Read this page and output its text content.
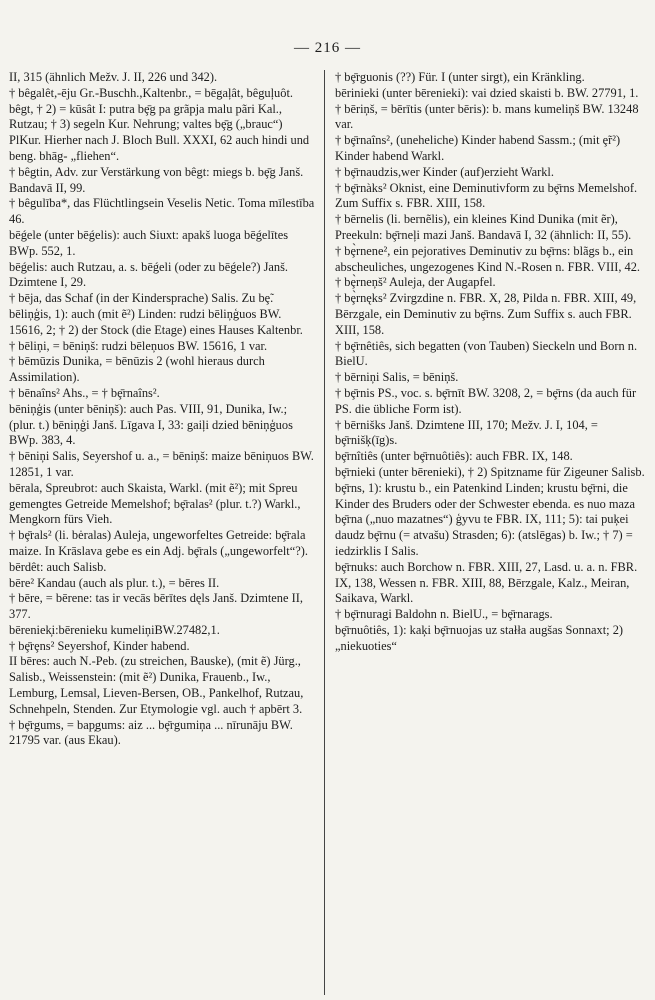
— 216 —

II, 315 (ähnlich Mežv. J. II, 226 und 342).

† bêgalêt,-ēju Gr.-Buschh.,Kaltenbr., = bēgaļât, bêguļuôt.

bêgt, † 2) = kūsât I: putra bȩ̄g pa grãpja malu pãri Kal., Rutzau; † 3) segeln Kur. Nehrung; valtes bȩ̄g („brauc“) PlKur. Hierher nach J. Bloch Bull. XXXI, 62 auch hindi und beng. bhāg- „fliehen“.

† bêgtin, Adv. zur Verstärkung von bêgt: miegs b. bȩ̄g Janš. Bandavā II, 99.

† bêgulība*, das Flüchtlingsein Veselis Netic. Toma mīlestība 46.

bēǵele (unter bēǵelis): auch Siuxt: apakš luoga bēǵelītes BWp. 552, 1.

bēǵelis: auch Rutzau, a. s. bēǵeli (oder zu bēǵele?) Janš. Dzimtene I, 29.

† bēja, das Schaf (in der Kindersprache) Salis. Zu bȩ̃.

bēliņģis, 1): auch (mit ẽ²) Linden: rudzi bēliņģuos BW. 15616, 2; † 2) der Stock (die Etage) eines Hauses Kaltenbr.

† bēliņi, = bēniņš: rudzi bēleņuos BW. 15616, 1 var.

† bēmūzis Dunika, = bēnūzis 2 (wohl hieraus durch Assimilation).

† bēnaîns² Ahs., = † bȩ̄rnaîns².

bēniņģis (unter bēniņš): auch Pas. VIII, 91, Dunika, Iw.; (plur. t.) bēniņģi Janš. Līgava I, 33: gaiļi dzied bēniņģuos BWp. 383, 4.

† bēniņi Salis, Seyershof u. a., = bēniņš: maize bēniņuos BW. 12851, 1 var.

bērala, Spreubrot: auch Skaista, Warkl. (mit ẽ²); mit Spreu gemengtes Getreide Memelshof; bȩ̄ralas² (plur. t.?) Warkl., Mengkorn fürs Vieh.

† bȩ̄rals² (li. bėralas) Auleja, ungeworfeltes Getreide: bȩ̄rala maize. In Krāslava gebe es ein Adj. bȩ̄rals („ungeworfelt“?).

bērdêt: auch Salisb.

bēre² Kandau (auch als plur. t.), = bēres II.

† bēre, = bērene: tas ir vecās bērītes dęls Janš. Dzimtene II, 377.

bēreniek̦i:bērenieku kumeliņiBW.27482,1.

† bȩ̄rȩns² Seyershof, Kinder habend.

II bēres: auch N.-Peb. (zu streichen, Bauske), (mit ẽ) Jürg., Salisb., Weissenstein: (mit ẽ²) Dunika, Frauenb., Iw., Lemburg, Lemsal, Lieven-Bersen, OB., Pankelhof, Rutzau, Schnehpeln, Stenden. Zur Etymologie vgl. auch † apbērt 3.

† bȩ̄rgums, = bap̦gums: aiz ... bȩ̄rgumiņa ... nīrunāju BW. 21795 var. (aus Ekau).

† bȩ̄rguonis (??) Für. I (unter sirgt), ein Kränkling.

bērinieki (unter bērenieki): vai dzied skaisti b. BW. 27791, 1.

† bēriņš, = bērītis (unter bēris): b. mans kumeliņš BW. 13248 var.

† bȩ̄rnaîns², (uneheliche) Kinder habend Sassm.; (mit ȩ̃r²) Kinder habend Warkl.

† bȩ̄rnaudzis,wer Kinder (auf)erzieht Warkl.

† bȩ̄rnàks² Oknist, eine Deminutivform zu bȩ̄rns Memelshof. Zum Suffix s. FBR. XIII, 158.

† bērnelis (li. bernẽlis), ein kleines Kind Dunika (mit ẽr), Preekuln: bȩ̄rneļi mazi Janš. Bandavā I, 32 (ähnlich: II, 55).

† bȩ̀rnene², ein pejoratives Deminutiv zu bȩ̄rns: blãgs b., ein abscheuliches, ungezogenes Kind N.-Rosen n. FBR. VIII, 42.

† bȩ̀rneņš² Auleja, der Augapfel.

† bȩ̀rnęks² Zvirgzdine n. FBR. X, 28, Pilda n. FBR. XIII, 49, Bērzgale, ein Deminutiv zu bȩ̄rns. Zum Suffix s. auch FBR. XIII, 158.

† bȩ̄rnêtiês, sich begatten (von Tauben) Sieckeln und Born n. BielU.

† bērniņi Salis, = bēniņš.

† bȩ̄rnis PS., voc. s. bȩ̄rnīt BW. 3208, 2, = bȩ̄rns (da auch für PS. die übliche Form ist).

† bērnišks Janš. Dzimtene III, 170; Mežv. J. I, 104, = bȩ̄rnišķ(īg)s.

bȩ̄rnîtiês (unter bȩ̄rnuôtiês): auch FBR. IX, 148.

bȩ̄rnieki (unter bērenieki), † 2) Spitzname für Zigeuner Salisb.

bȩ̄rns, 1): krustu b., ein Patenkind Linden; krustu bȩ̄rni, die Kinder des Bruders oder der Schwester ebenda. es nuo maza bȩ̄rna („nuo mazatnes“) ģyvu te FBR. IX, 111; 5): tai puķei daudz bȩ̄rnu (= atvašu) Strasden; 6): (atslēgas) b. Iw.; † 7) = iedzirklis I Salis.

bȩ̄rnuks: auch Borchow n. FBR. XIII, 27, Lasd. u. a. n. FBR. IX, 138, Wessen n. FBR. XIII, 88, Bērzgale, Kalz., Meiran, Saikava, Warkl.

† bȩ̄rnuragi Baldohn n. BielU., = bȩ̄rnarags.

bȩ̄rnuôtiês, 1): kaķi bȩ̄rnuojas uz stałła augšas Sonnaxt; 2) „niekuoties“
